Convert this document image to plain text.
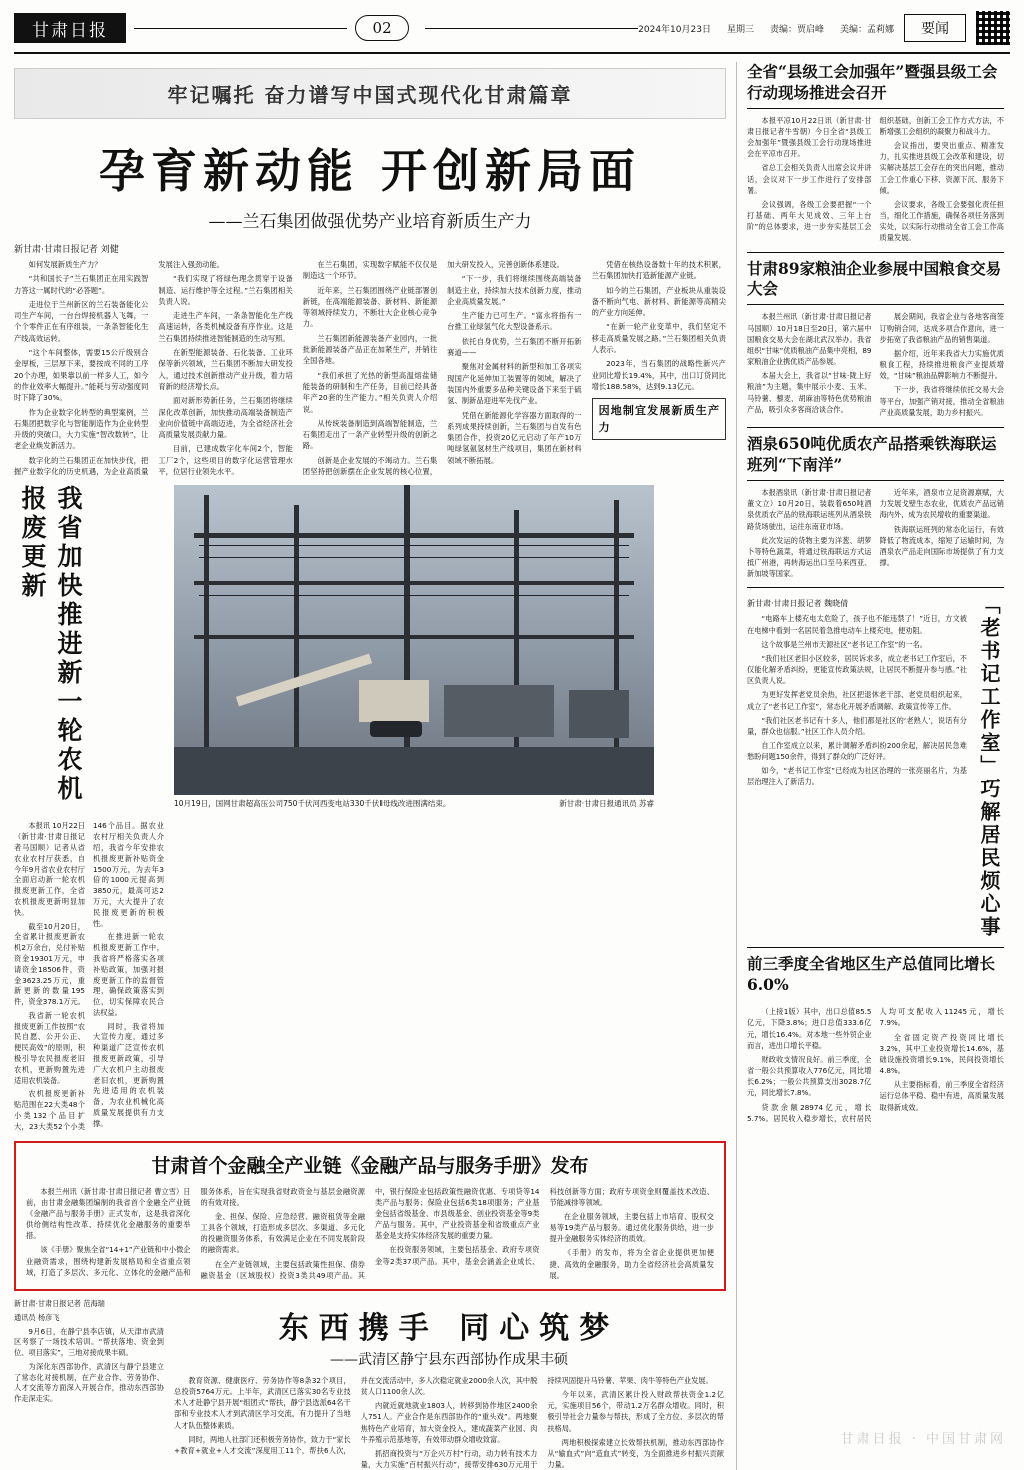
甘肃日报	02	2024年10月23日 星期三 责编：贾启峰 美编：孟莉娜	要闻
牢记嘱托 奋力谱写中国式现代化甘肃篇章
孕育新动能 开创新局面
——兰石集团做强优势产业培育新质生产力
新甘肃·甘肃日报记者 刘健

如何发展新质生产力？

“共和国长子”兰石集团正在用实践智力答这一属时代的“必答题”。

走进位于兰州新区的兰石装备能化公司生产车间，一台台焊接机器人飞舞，一个个零件正在有序组装，一条条智能化生产线高效运转。

“这个车间整体，需要15公斤级别合金厚板，三层厚下来，要按成不同的工序20个办理，如果靠以前一样多人工，如今的作业效率大幅提升。”能耗与劳动强度同时下降了30%。

作为企业数字化转型的典型案例，兰石集团把数字化与智能制造作为企业转型升级的突破口，大力实施“智改数转”，让老企业焕发新活力。

数字化的兰石集团正在加快步伐，把握产业数字化的历史机遇，为企业高质量发展注入强劲动能。

“我们实现了将绿色理念贯穿于设备制造、运行维护等全过程。”兰石集团相关负责人说。

走进生产车间，一条条智能化生产线高速运转，各类机械设备有序作业。这是兰石集团持续推进智能制造的生动写照。

在新型能源装备、石化装备、工业环保等新兴领域，兰石集团不断加大研发投入，通过技术创新推动产业升级，着力培育新的经济增长点。

面对新形势新任务，兰石集团将继续深化改革创新，加快推动高端装备制造产业向价值链中高端迈进，为全省经济社会高质量发展贡献力量。

目前，已建成数字化车间2个，智能工厂2个，这些项目的数字化运营管理水平，位居行业领先水平。

在兰石集团，实现数字赋能不仅仅是制造这一个环节。

近年来，兰石集团围绕产业链部署创新链，在高端能源装备、新材料、新能源等领域持续发力，不断壮大企业核心竞争力。

兰石集团新能源装备产业园内，一批批新能源装备产品正在加紧生产，并销往全国各地。

“我们承担了光热的新型高温熔盐储能装备的研制和生产任务，目前已经具备年产20套的生产能力。”相关负责人介绍说。

从传统装备制造到高端智能制造，兰石集团走出了一条产业转型升级的创新之路。

创新是企业发展的不竭动力。兰石集团坚持把创新摆在企业发展的核心位置，加大研发投入，完善创新体系建设。

“下一步，我们将继续围绕高端装备制造主业，持续加大技术创新力度，推动企业高质量发展。”

生产能力已可生产。“富永将指有一台推工业绿氢气化大型设备系示。

依托自身优势，兰石集团不断开拓新赛道——

聚焦对金属材料的新型和加工各项实现国产化延伸加工装置等的领域，解决了装国内外重要多品种关键设备下来至于硫氢、制新品迎进军先伐产业。

凭借在新能源化学容器方面取得的一系列成果持续创新，兰石集团与自发有色集团合作，投资20亿元启动了年产10万吨绿氢氨氢材生产线项目，集团在新材料领域不断拓展。

凭借在核热设备数十年的技术积累，兰石集团加快打造新能源产业链。

如今的兰石集团，产业板块从重装设备不断向气电、新材料、新能源等高精尖的产业方向延伸。

“在新一轮产业变革中，我们坚定不移走高质量发展之路。”兰石集团相关负责人表示。

2023年，当石集团的战略性新兴产业同比增长19.4%，其中，出口订货同比增长188.58%，达到9.13亿元。

因地制宜发展新质生产力

我省加快推进新一轮农机报废更新

本报讯 10月22日（新甘肃·甘肃日报记者马国顺）记者从省农业农村厅获悉，自今年9月省农业农村厅全面启动新一轮农机报废更新工作，全省农机报废更新明显加快。

截至10月20日，全省累计报废更新农机2万余台，兑付补贴资金19301万元，申请资金18506件，资金3623.25万元，重新更新的数量195件，资金378.1万元。

我省新一轮农机报废更新工作按照“农民自愿、公开公正、便民高效”的原则，积极引导农民报废老旧农机，更新购置先进适用农机装备。

农机报废更新补贴范围在22大类48个小类132个品目扩大，23大类52个小类146个品目。据农业农村厅相关负责人介绍，我省今年安排农机报废更新补贴资金1500万元，为去年3倍的1000元提高到3850元，最高可达2万元，大大提升了农民报废更新的积极性。

在推进新一轮农机报废更新工作中，我省将严格落实各项补贴政策，加强对报废更新工作的监督管理，确保政策落实到位，切实保障农民合法权益。

同时，我省将加大宣传力度，通过多种渠道广泛宣传农机报废更新政策，引导广大农机户主动报废老旧农机，更新购置先进适用的农机装备，为农业机械化高质量发展提供有力支撑。

10月19日，国网甘肃超高压公司750千伏河西变电站330千伏Ⅱ母线改进围满结束。	新甘肃·甘肃日报通讯员 苏睿
甘肃首个金融全产业链《金融产品与服务手册》发布

本报兰州讯（新甘肃·甘肃日报记者 曹立雪）日前，由甘肃金融集团编制的我省首个金融全产业链《金融产品与服务手册》正式发布，这是我省深化供给侧结构性改革、持续优化金融服务的重要举措。

该《手册》聚焦全省“14+1”产业链和中小微企业融资需求，围绕构建新发展格局和全省重点领域，打造了多层次、多元化、立体化的金融产品和服务体系，旨在实现我省财政资金与基层金融资源的有效对接。

金、担保、保险、应急经营、融资租赁等金融工具各个领域，打造形成多层次、多渠道、多元化的投融资服务体系，有效满足企业在不同发展阶段的融资需求。

在全产业链领域，主要包括政策性担保、债券融资基金（区域股权）投资3类共49项产品。其中，银行保险业包括政策性融资优惠、专项贷等14类产品与服务；保险业包括6类18项服务；产业基金包括省级基金、市县级基金、创业投资基金等9类产品与服务。其中，产业投资基金和省级重点产业基金是支持实体经济发展的重要力量。

在投资服务领域，主要包括基金、政府专项资金等2类37项产品。其中，基金会涵盖企业成长、科技创新等方面；政府专项资金则覆盖技术改造、节能减排等领域。

在企业服务领域，主要包括上市培育、股权交易等19类产品与服务。通过优化服务供给，进一步提升金融服务实体经济的质效。

《手册》的发布，将为全省企业提供更加便捷、高效的金融服务，助力全省经济社会高质量发展。

新甘肃·甘肃日报记者 范海瑞

通讯员 杨彦飞

9月6日，在静宁县李店镇，从天津市武清区考察了一场技术培训。“帮扶落地、资金到位、项目落实”，三地对接成果丰硕。

为深化东西部协作，武清区与静宁县建立了常态化对接机制，在产业合作、劳务协作、人才交流等方面深入开展合作，推动东西部协作走深走实。

东西携手 同心筑梦
——武清区静宁县东西部协作成果丰硕

教育资源、健康医疗、劳务协作等8条32个项目，总投资5764万元。上半年，武清区已落实30名专业技术人才赴静宁县开展“组团式”帮扶，静宁县选派64名干部和专业技术人才到武清区学习交流，有力提升了当地人才队伍整体素质。

同时，两地人社部门还积极劳务协作，致力于“家长+教育+就业+人才交流”深度用工11个，帮扶6人次，并在交流活动中，多人次稳定就业2000余人次，其中脱贫人口1100余人次。

内就近就地就业1803人，转移到协作地区2400余人751人。产业合作是东西部协作的“重头戏”。两地聚焦特色产业培育，加大资金投入，建成蔬菜产业园、肉牛养殖示范基地等，有效带动群众增收致富。

抓招商投资与“万企兴万村”行动，动力转有技术力量，大力实施“百村振兴行动”，接帮安排630万元用于持续巩固提升马铃薯、苹果、肉牛等特色产业发展。

今年以来，武清区累计投入财政帮扶资金1.2亿元，实施项目56个，带动1.2万名群众增收。同时，积极引导社会力量参与帮扶，形成了全方位、多层次的帮扶格局。

两地积极探索建立长效帮扶机制，推动东西部协作从“输血式”向“造血式”转变，为全面推进乡村振兴贡献力量。

全省“县级工会加强年”暨强县级工会行动现场推进会召开

本报平凉10月22日讯（新甘肃·甘肃日报记者牛雪朝）今日全省“县级工会加强年”暨强县级工会行动现场推进会在平凉市召开。

省总工会相关负责人出席会议并讲话，会议对下一步工作进行了安排部署。

会议强调，各级工会要把握“一个打基础、两年大见成效、三年上台阶”的总体要求，进一步夯实基层工会组织基础，创新工会工作方式方法，不断增强工会组织的凝聚力和战斗力。

会议指出，要突出重点、精准发力，扎实推进县级工会改革和建设，切实解决基层工会存在的突出问题，推动工会工作重心下移、资源下沉、服务下倾。

会议要求，各级工会要强化责任担当，细化工作措施，确保各项任务落到实处，以实际行动推动全省工会工作高质量发展。

甘肃89家粮油企业参展中国粮食交易大会

本报兰州讯（新甘肃·甘肃日报记者马国顺）10月18日至20日，第六届中国粮食交易大会在湖北武汉举办。我省组织“甘味”优质粮油产品集中亮相，89家粮油企业携优质产品参展。

本届大会上，我省以“甘味·陇上好粮油”为主题，集中展示小麦、玉米、马铃薯、藜麦、胡麻油等特色优势粮油产品，吸引众多客商洽谈合作。

展会期间，我省企业与各地客商签订购销合同，达成多项合作意向，进一步拓宽了我省粮油产品的销售渠道。

据介绍，近年来我省大力实施优质粮食工程，持续推进粮食产业提质增效，“甘味”粮油品牌影响力不断提升。

下一步，我省将继续依托交易大会等平台，加强产销对接，推动全省粮油产业高质量发展，助力乡村振兴。

酒泉650吨优质农产品搭乘铁海联运班列“下南洋”

本报酒泉讯（新甘肃·甘肃日报记者 董文立）10月20日，装载着650吨酒泉优质农产品的铁海联运班列从酒泉铁路货场驶出，运往东南亚市场。

此次发运的货物主要为洋葱、胡萝卜等特色蔬菜，将通过铁海联运方式运抵广州港，再转海运出口至马来西亚、新加坡等国家。

近年来，酒泉市立足资源禀赋，大力发展戈壁生态农业，优质农产品远销海内外，成为农民增收的重要渠道。

铁海联运班列的常态化运行，有效降低了物流成本，缩短了运输时间，为酒泉农产品走向国际市场提供了有力支撑。

新甘肃·甘肃日报记者 魏晓倩

“电路车上楼充电太危险了，孩子也不能违禁了！”近日，方文被在电梯中看到一名居民着急推电动车上楼充电，便劝阻。

这个故事是兰州市天源社区“老书记工作室”的一名。

“我们社区老旧小区较多，居民诉求多，成立老书记工作室后，不仅能化解矛盾纠纷，更能宣传政策法规，让居民不断提升参与感。”社区负责人说。

为更好发挥老党员余热，社区把退休老干部、老党员组织起来，成立了“老书记工作室”，常态化开展矛盾调解、政策宣传等工作。

“我们社区老书记有十多人，他们都是社区的‘老熟人’，说话有分量，群众也信服。”社区工作人员介绍。

自工作室成立以来，累计调解矛盾纠纷200余起，解决居民急难愁盼问题150余件，得到了群众的广泛好评。

如今，“老书记工作室”已经成为社区治理的一张亮丽名片，为基层治理注入了新活力。	「老书记工作室」巧解居民烦心事
前三季度全省地区生产总值同比增长6.0%

（上接1版）其中，出口总值85.5亿元，下降3.8%；进口总值333.6亿元，增长16.4%。对本地一些外贸企业而言，进出口增长平稳。

财政收支情况良好。前三季度，全省一般公共预算收入776亿元，同比增长6.2%；一般公共预算支出3028.7亿元，同比增长7.8%。

贷款余额28974亿元，增长5.7%。居民收入稳步增长，农村居民人均可支配收入11245元，增长7.9%。

全省固定资产投资同比增长3.2%，其中工业投资增长14.6%，基础设施投资增长9.1%，民间投资增长4.8%。

从主要指标看，前三季度全省经济运行总体平稳、稳中有进，高质量发展取得新成效。

甘肃日报 · 中国甘肃网
